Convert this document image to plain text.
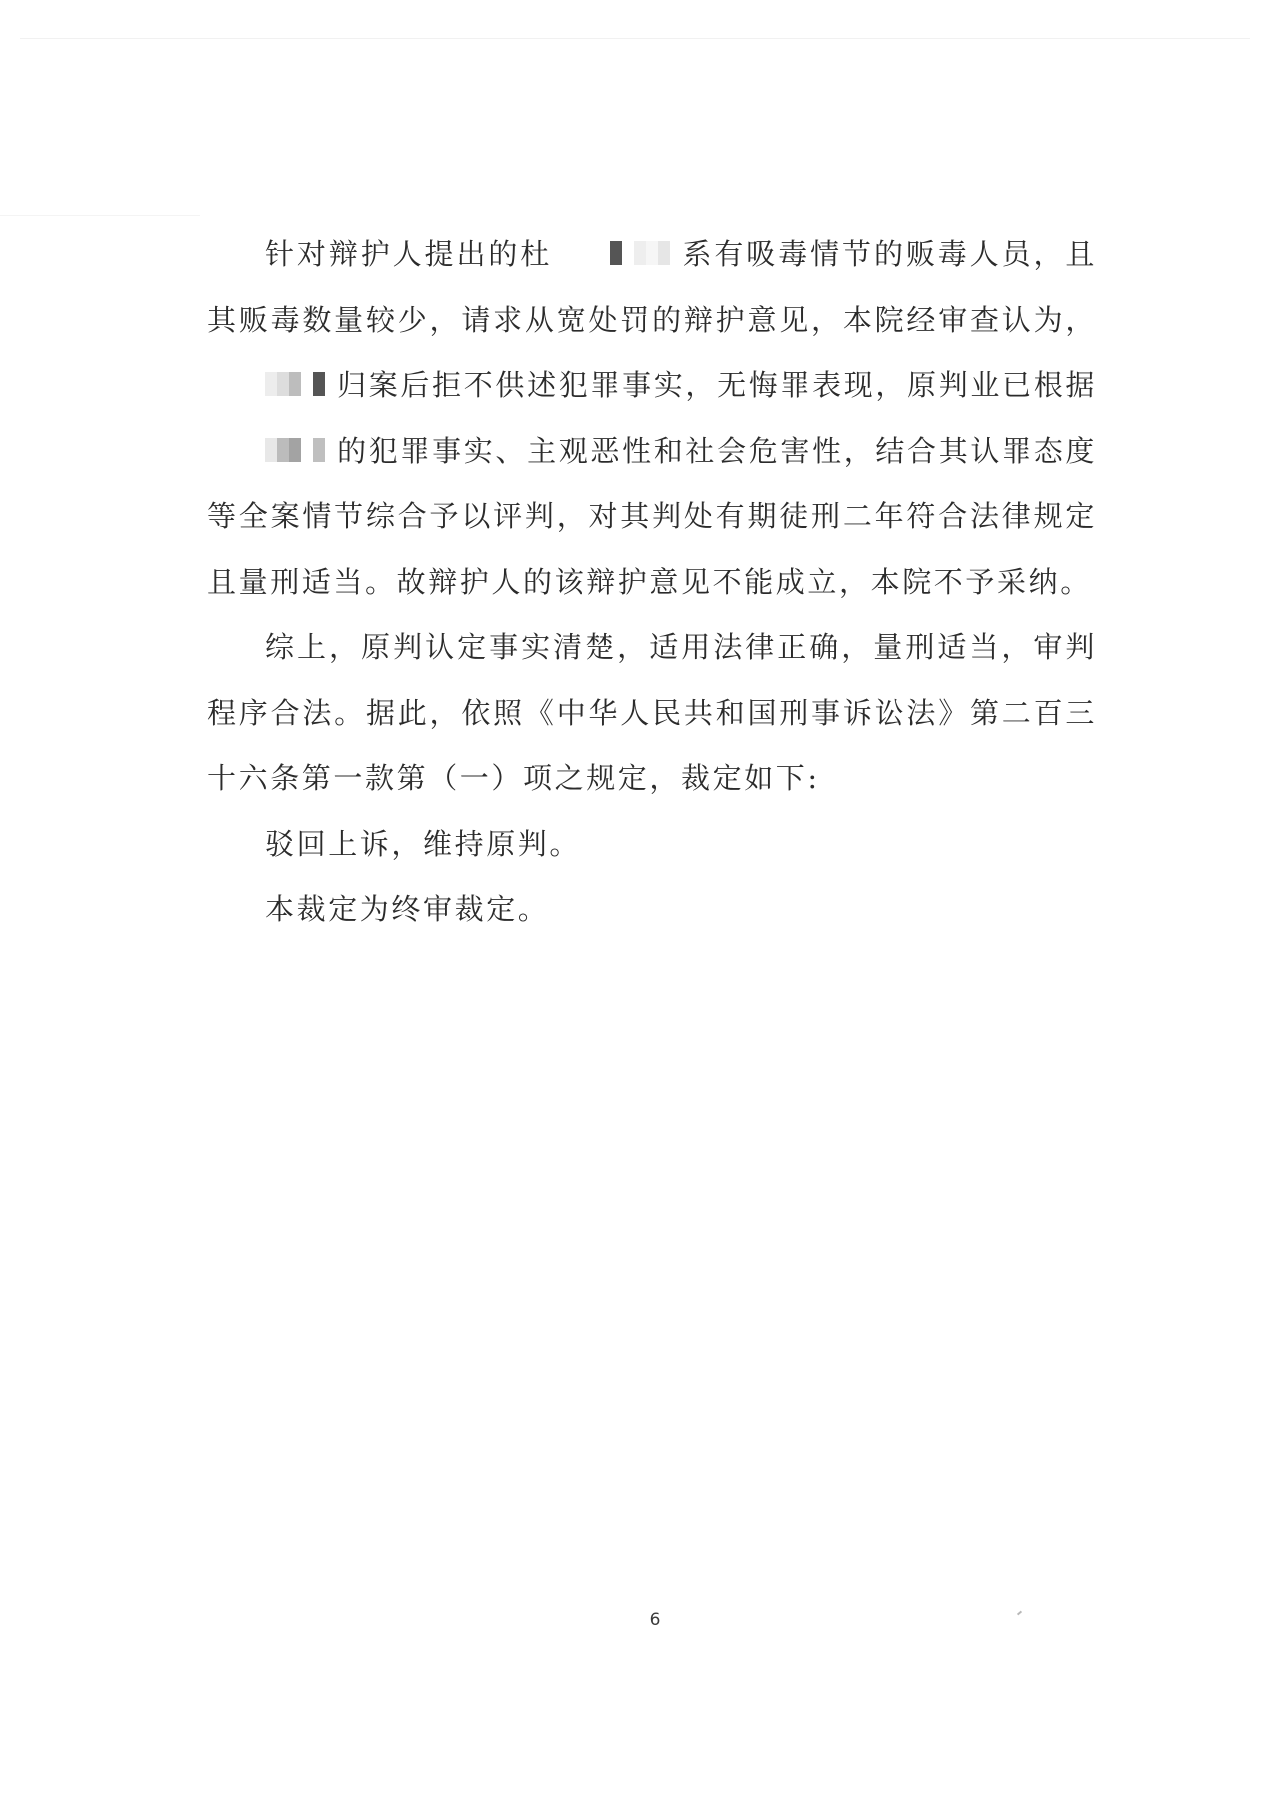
针对辩护人提出的杜	系有吸毒情节的贩毒人员，且其贩毒数量较少，请求从宽处罚的辩护意见，本院经审查认为，归案后拒不供述犯罪事实，无悔罪表现，原判业已根据的犯罪事实、主观恶性和社会危害性，结合其认罪态度等全案情节综合予以评判，对其判处有期徒刑二年符合法律规定且量刑适当。故辩护人的该辩护意见不能成立，本院不予采纳。

综上，原判认定事实清楚，适用法律正确，量刑适当，审判程序合法。据此，依照《中华人民共和国刑事诉讼法》第二百三十六条第一款第（一）项之规定，裁定如下:

驳回上诉，维持原判。

本裁定为终审裁定。

6
